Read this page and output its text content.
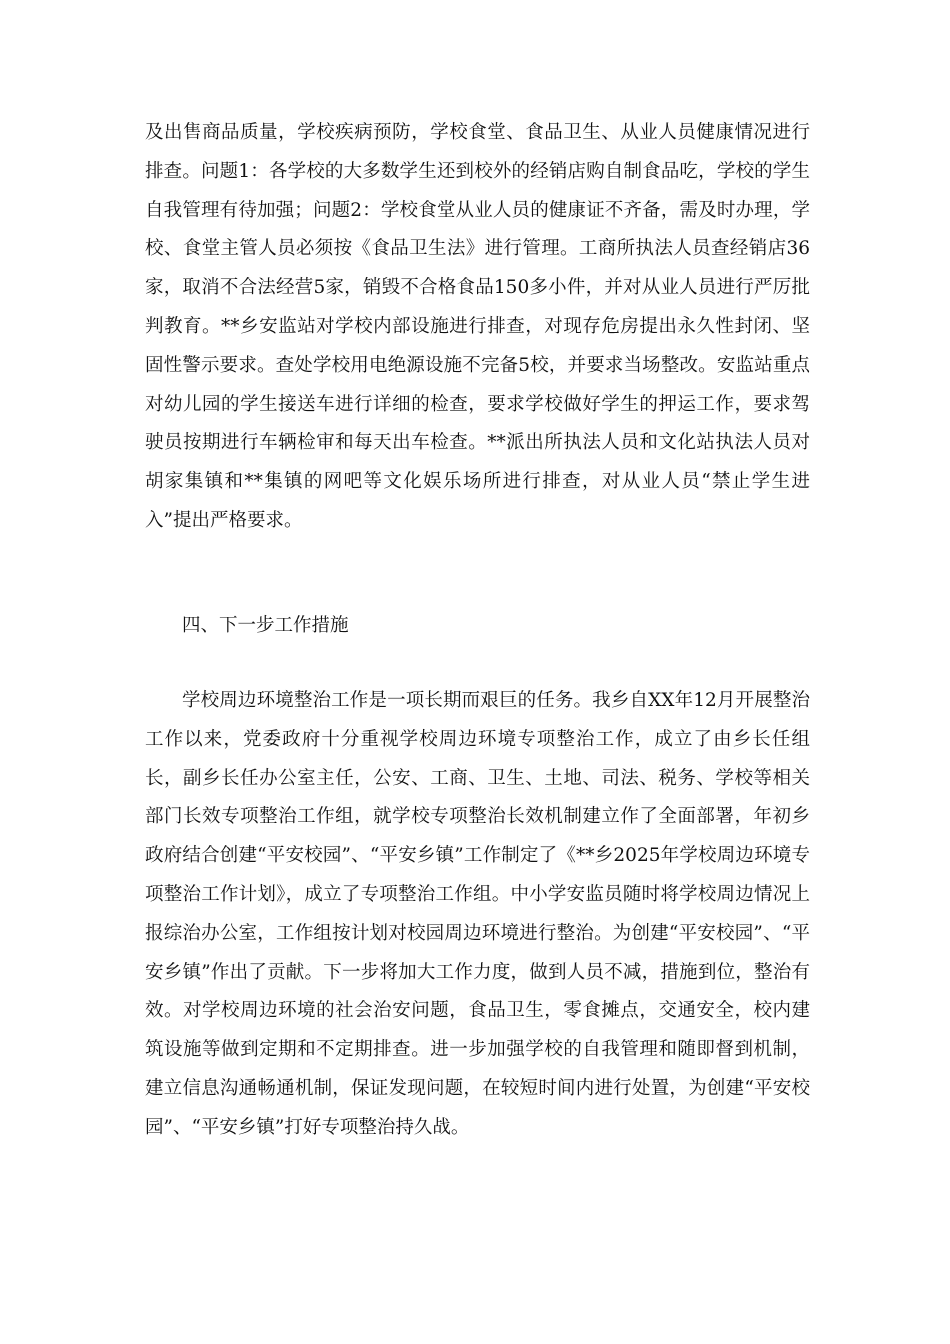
及出售商品质量，学校疾病预防，学校食堂、食品卫生、从业人员健康情况进行排查。问题1：各学校的大多数学生还到校外的经销店购自制食品吃，学校的学生自我管理有待加强；问题2：学校食堂从业人员的健康证不齐备，需及时办理，学校、食堂主管人员必须按《食品卫生法》进行管理。工商所执法人员查经销店36家，取消不合法经营5家，销毁不合格食品150多小件，并对从业人员进行严厉批判教育。**乡安监站对学校内部设施进行排查，对现存危房提出永久性封闭、坚固性警示要求。查处学校用电绝源设施不完备5校，并要求当场整改。安监站重点对幼儿园的学生接送车进行详细的检查，要求学校做好学生的押运工作，要求驾驶员按期进行车辆检审和每天出车检查。**派出所执法人员和文化站执法人员对胡家集镇和**集镇的网吧等文化娱乐场所进行排查，对从业人员“禁止学生进入”提出严格要求。

四、下一步工作措施

学校周边环境整治工作是一项长期而艰巨的任务。我乡自XX年12月开展整治工作以来，党委政府十分重视学校周边环境专项整治工作，成立了由乡长任组长，副乡长任办公室主任，公安、工商、卫生、土地、司法、税务、学校等相关部门长效专项整治工作组，就学校专项整治长效机制建立作了全面部署，年初乡政府结合创建“平安校园”、“平安乡镇”工作制定了《**乡2025年学校周边环境专项整治工作计划》，成立了专项整治工作组。中小学安监员随时将学校周边情况上报综治办公室，工作组按计划对校园周边环境进行整治。为创建“平安校园”、“平安乡镇”作出了贡献。下一步将加大工作力度，做到人员不减，措施到位，整治有效。对学校周边环境的社会治安问题，食品卫生，零食摊点，交通安全，校内建筑设施等做到定期和不定期排查。进一步加强学校的自我管理和随即督到机制，建立信息沟通畅通机制，保证发现问题，在较短时间内进行处置，为创建“平安校园”、“平安乡镇”打好专项整治持久战。
